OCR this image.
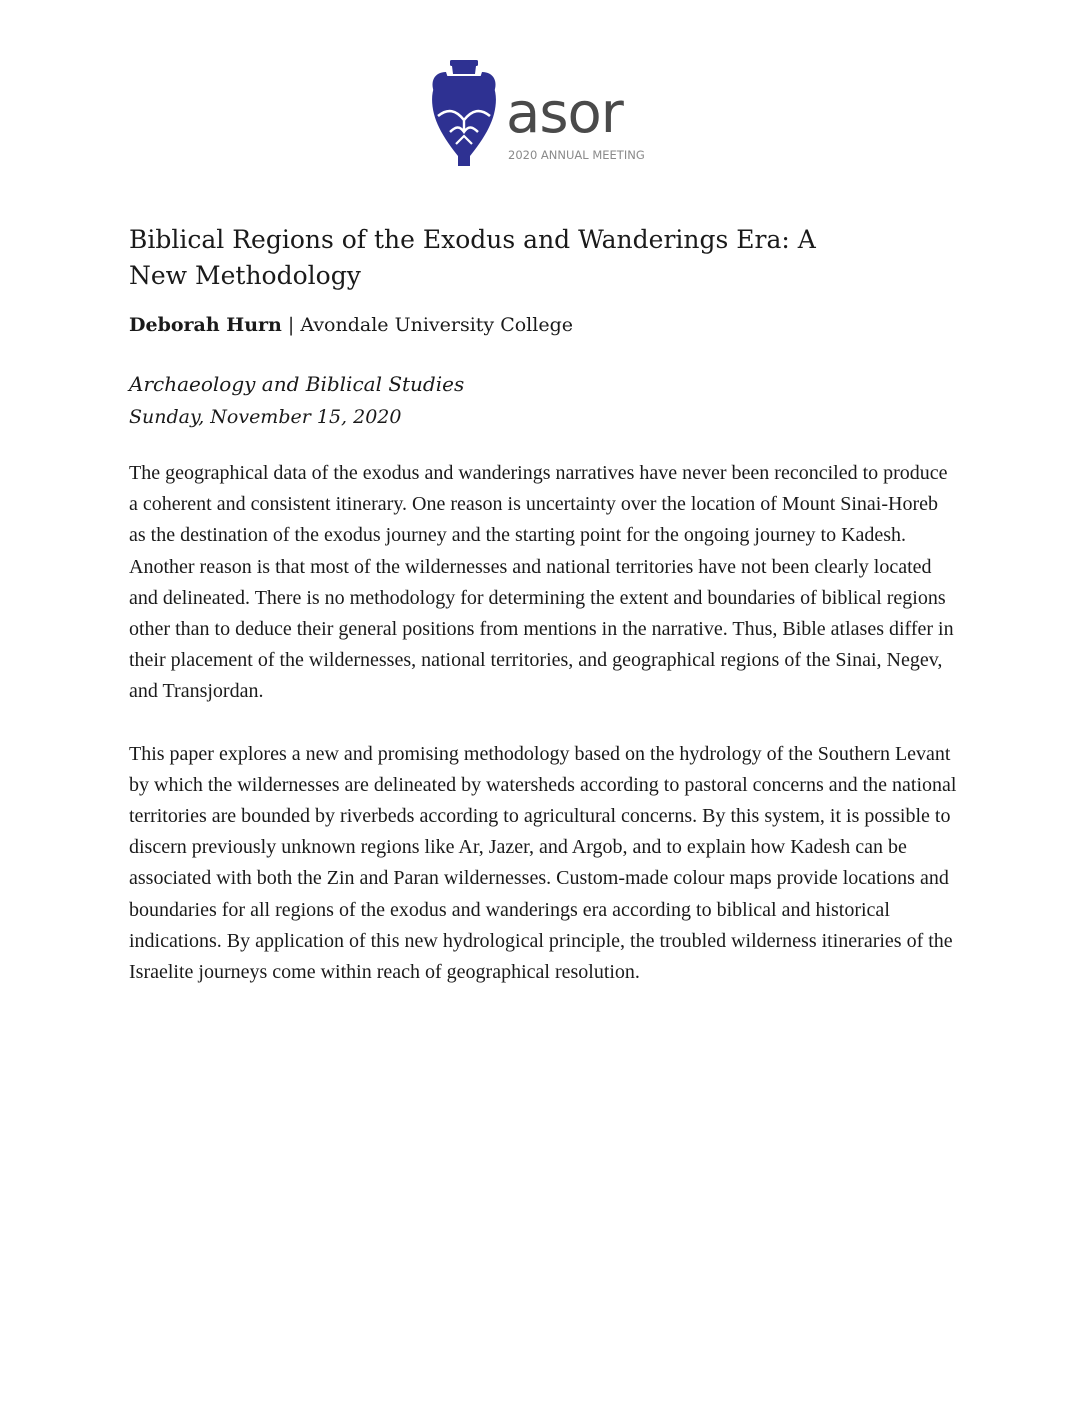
asor
2020 ANNUAL MEETING
Biblical Regions of the Exodus and Wanderings Era: A New Methodology
Deborah Hurn | Avondale University College
Archaeology and Biblical Studies
Sunday, November 15, 2020

The geographical data of the exodus and wanderings narratives have never been reconciled to produce a coherent and consistent itinerary. One reason is uncertainty over the location of Mount Sinai-Horeb as the destination of the exodus journey and the starting point for the ongoing journey to Kadesh. Another reason is that most of the wildernesses and national territories have not been clearly located and delineated. There is no methodology for determining the extent and boundaries of biblical regions other than to deduce their general positions from mentions in the narrative. Thus, Bible atlases differ in their placement of the wildernesses, national territories, and geographical regions of the Sinai, Negev, and Transjordan.

This paper explores a new and promising methodology based on the hydrology of the Southern Levant by which the wildernesses are delineated by watersheds according to pastoral concerns and the national territories are bounded by riverbeds according to agricultural concerns. By this system, it is possible to discern previously unknown regions like Ar, Jazer, and Argob, and to explain how Kadesh can be associated with both the Zin and Paran wildernesses. Custom-made colour maps provide locations and boundaries for all regions of the exodus and wanderings era according to biblical and historical indications. By application of this new hydrological principle, the troubled wilderness itineraries of the Israelite journeys come within reach of geographical resolution.
